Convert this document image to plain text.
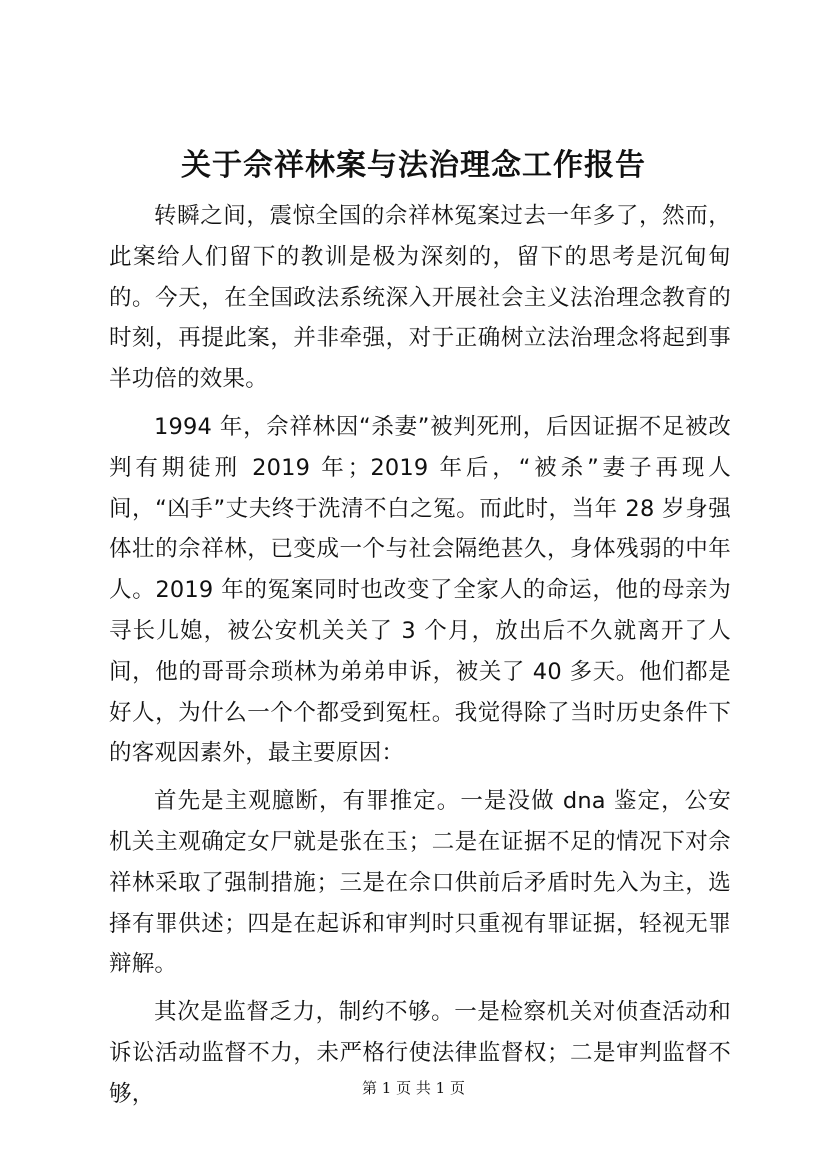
关于佘祥林案与法治理念工作报告

转瞬之间，震惊全国的佘祥林冤案过去一年多了，然而，此案给人们留下的教训是极为深刻的，留下的思考是沉甸甸的。今天，在全国政法系统深入开展社会主义法治理念教育的时刻，再提此案，并非牵强，对于正确树立法治理念将起到事半功倍的效果。

1994 年，佘祥林因“杀妻”被判死刑，后因证据不足被改判有期徒刑 2019 年；2019 年后，“被杀”妻子再现人间，“凶手”丈夫终于洗清不白之冤。而此时，当年 28 岁身强体壮的佘祥林，已变成一个与社会隔绝甚久，身体残弱的中年人。2019 年的冤案同时也改变了全家人的命运，他的母亲为寻长儿媳，被公安机关关了 3 个月，放出后不久就离开了人间，他的哥哥佘琐林为弟弟申诉，被关了 40 多天。他们都是好人，为什么一个个都受到冤枉。我觉得除了当时历史条件下的客观因素外，最主要原因：

首先是主观臆断，有罪推定。一是没做 dna 鉴定，公安机关主观确定女尸就是张在玉；二是在证据不足的情况下对佘祥林采取了强制措施；三是在佘口供前后矛盾时先入为主，选择有罪供述；四是在起诉和审判时只重视有罪证据，轻视无罪辩解。

其次是监督乏力，制约不够。一是检察机关对侦查活动和诉讼活动监督不力，未严格行使法律监督权；二是审判监督不够，	第 1 页 共 1 页
